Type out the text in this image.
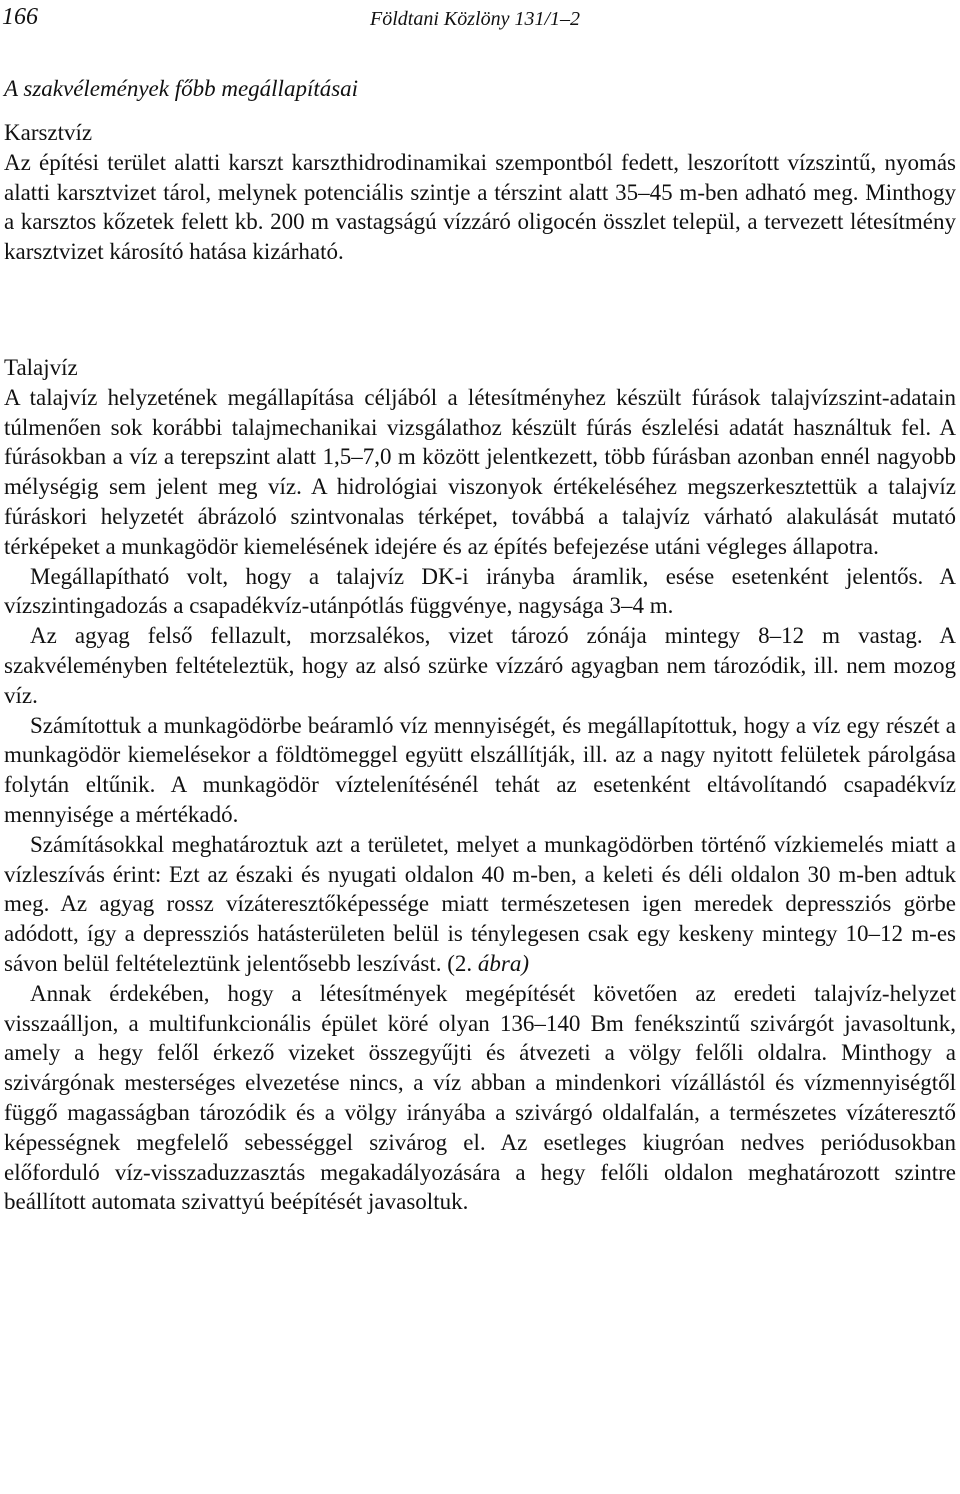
166	Földtani Közlöny 131/1–2
A szakvélemények főbb megállapításai

Karsztvíz

Az építési terület alatti karszt karszthidrodinamikai szempontból fedett, leszorított vízszintű, nyomás alatti karsztvizet tárol, melynek potenciális szintje a térszint alatt 35–45 m-ben adható meg. Minthogy a karsztos kőzetek felett kb. 200 m vastagságú vízzáró oligocén összlet települ, a tervezett létesítmény karsztvizet károsító hatása kizárható.

Talajvíz

A talajvíz helyzetének megállapítása céljából a létesítményhez készült fúrások talajvízszint-adatain túlmenően sok korábbi talajmechanikai vizsgálathoz készült fúrás észlelési adatát használtuk fel. A fúrásokban a víz a terepszint alatt 1,5–7,0 m között jelentkezett, több fúrásban azonban ennél nagyobb mélységig sem jelent meg víz. A hidrológiai viszonyok értékeléséhez megszerkesztettük a talajvíz fúráskori helyzetét ábrázoló szintvonalas térképet, továbbá a talajvíz várható alakulását mutató térképeket a munkagödör kiemelésének idejére és az építés befejezése utáni végleges állapotra.

Megállapítható volt, hogy a talajvíz DK-i irányba áramlik, esése esetenként jelentős. A vízszintingadozás a csapadékvíz-utánpótlás függvénye, nagysága 3–4 m.

Az agyag felső fellazult, morzsalékos, vizet tározó zónája mintegy 8–12 m vastag. A szakvéleményben feltételeztük, hogy az alsó szürke vízzáró agyagban nem tározódik, ill. nem mozog víz.

Számítottuk a munkagödörbe beáramló víz mennyiségét, és megállapítottuk, hogy a víz egy részét a munkagödör kiemelésekor a földtömeggel együtt elszállítják, ill. az a nagy nyitott felületek párolgása folytán eltűnik. A munkagödör víztelenítésénél tehát az esetenként eltávolítandó csapadékvíz mennyisége a mértékadó.

Számításokkal meghatároztuk azt a területet, melyet a munkagödörben történő vízkiemelés miatt a vízleszívás érint: Ezt az északi és nyugati oldalon 40 m-ben, a keleti és déli oldalon 30 m-ben adtuk meg. Az agyag rossz vízáteresztőképessége miatt természetesen igen meredek depressziós görbe adódott, így a depressziós hatásterületen belül is ténylegesen csak egy keskeny mintegy 10–12 m-es sávon belül feltételeztünk jelentősebb leszívást. (2. ábra)

Annak érdekében, hogy a létesítmények megépítését követően az eredeti talajvíz-helyzet visszaálljon, a multifunkcionális épület köré olyan 136–140 Bm fenékszintű szivárgót javasoltunk, amely a hegy felől érkező vizeket összegyűjti és átvezeti a völgy felőli oldalra. Minthogy a szivárgónak mesterséges elvezetése nincs, a víz abban a mindenkori vízállástól és vízmennyiségtől függő magasságban tározódik és a völgy irányába a szivárgó oldalfalán, a természetes vízáteresztő képességnek megfelelő sebességgel szivárog el. Az esetleges kiugróan nedves periódusokban előforduló víz-visszaduzzasztás megakadályozására a hegy felőli oldalon meghatározott szintre beállított automata szivattyú beépítését javasoltuk.
